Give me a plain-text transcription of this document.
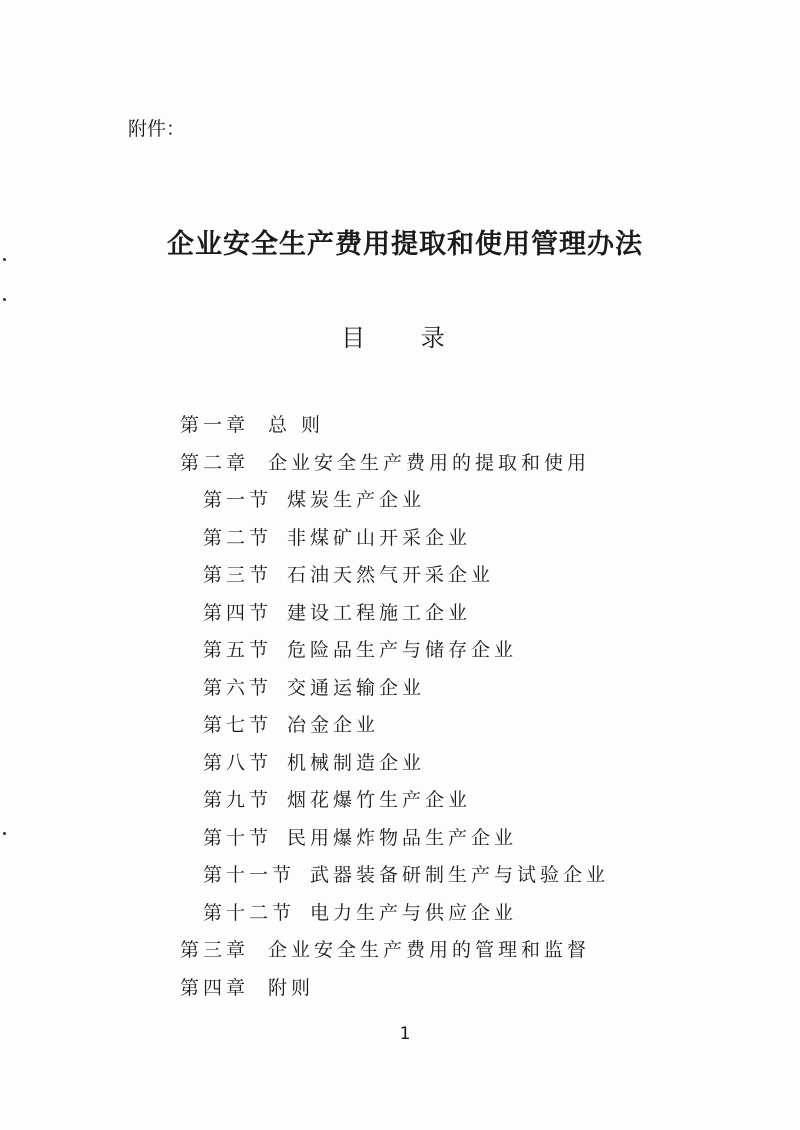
附件：
企业安全生产费用提取和使用管理办法
目 录
第一章 总 则
第二章 企业安全生产费用的提取和使用
第一节 煤炭生产企业
第二节 非煤矿山开采企业
第三节 石油天然气开采企业
第四节 建设工程施工企业
第五节 危险品生产与储存企业
第六节 交通运输企业
第七节 冶金企业
第八节 机械制造企业
第九节 烟花爆竹生产企业
第十节 民用爆炸物品生产企业
第十一节 武器装备研制生产与试验企业
第十二节 电力生产与供应企业
第三章 企业安全生产费用的管理和监督
第四章 附则
1
